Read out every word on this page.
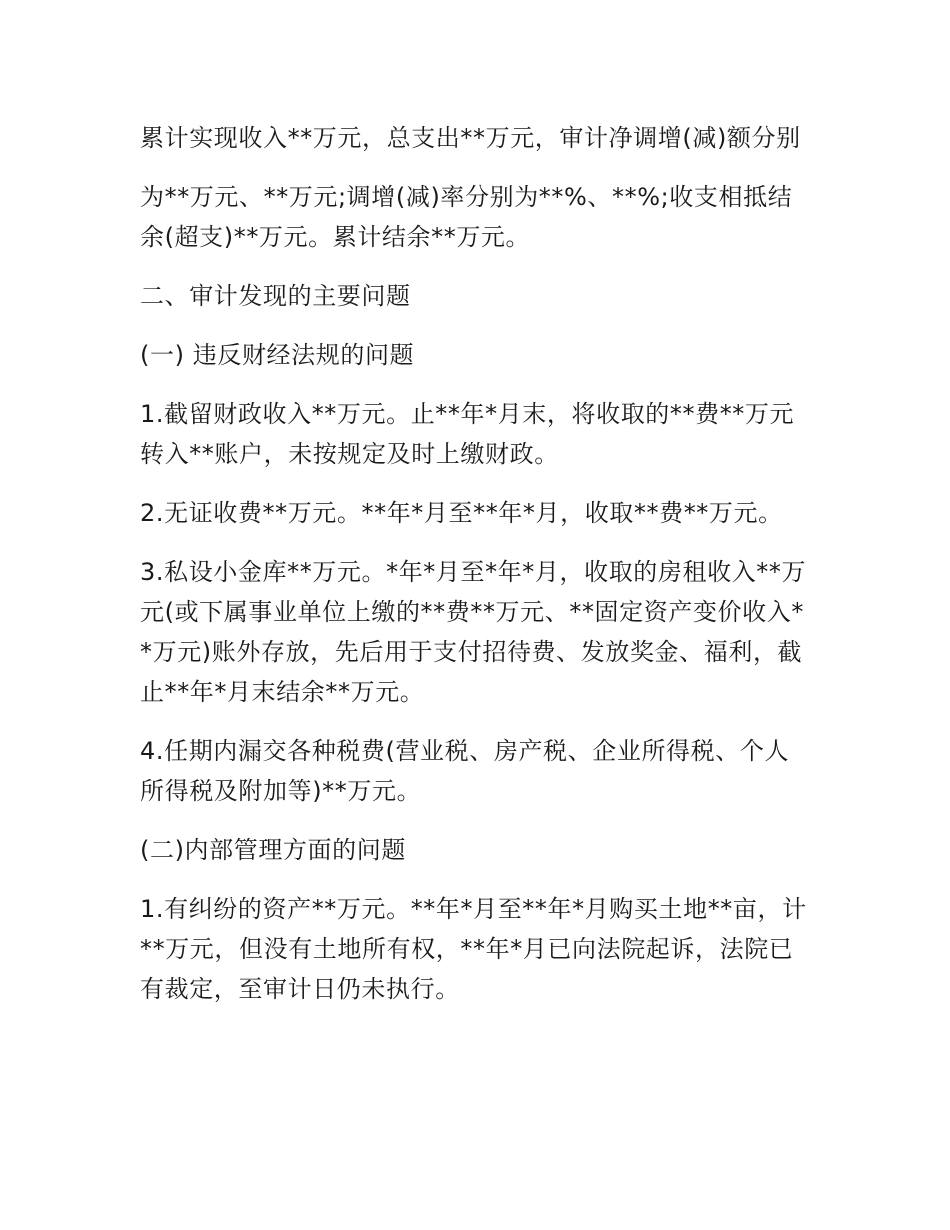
累计实现收入**万元，总支出**万元，审计净调增(减)额分别

为**万元、**万元;调增(减)率分别为**%、**%;收支相抵结余(超支)**万元。累计结余**万元。

二、审计发现的主要问题

(一) 违反财经法规的问题

1.截留财政收入**万元。止**年*月末，将收取的**费**万元转入**账户，未按规定及时上缴财政。

2.无证收费**万元。**年*月至**年*月，收取**费**万元。

3.私设小金库**万元。*年*月至*年*月，收取的房租收入**万元(或下属事业单位上缴的**费**万元、**固定资产变价收入**万元)账外存放，先后用于支付招待费、发放奖金、福利，截止**年*月末结余**万元。

4.任期内漏交各种税费(营业税、房产税、企业所得税、个人所得税及附加等)**万元。

(二)内部管理方面的问题

1.有纠纷的资产**万元。**年*月至**年*月购买土地**亩，计**万元，但没有土地所有权，**年*月已向法院起诉，法院已有裁定，至审计日仍未执行。
